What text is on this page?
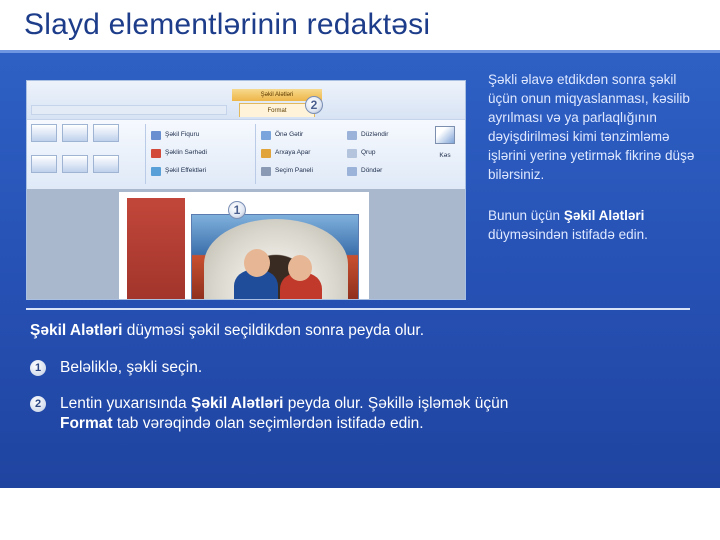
Slayd elementlərinin redaktəsi
Şəkil Alətləri
Format
Şəkil Fiquru
Şəklin Sərhədi
Şəkil Effektləri
Önə Gətir
Arxaya Apar
Seçim Paneli
Düzləndir
Qrup
Döndər
Kəs
2
1

Şəkli əlavə etdikdən sonra şəkil üçün onun miqyaslanması, kəsilib ayrılması və ya parlaqlığının dəyişdirilməsi kimi tənzimləmə işlərini yerinə yetirmək fikrinə düşə bilərsiniz.

Bunun üçün Şəkil Alətləri düyməsindən istifadə edin.

Şəkil Alətləri düyməsi şəkil seçildikdən sonra peyda olur.

1	Beləliklə, şəkli seçin.
2	Lentin yuxarısında Şəkil Alətləri peyda olur. Şəkillə işləmək üçün Format tab vərəqində olan seçimlərdən istifadə edin.
